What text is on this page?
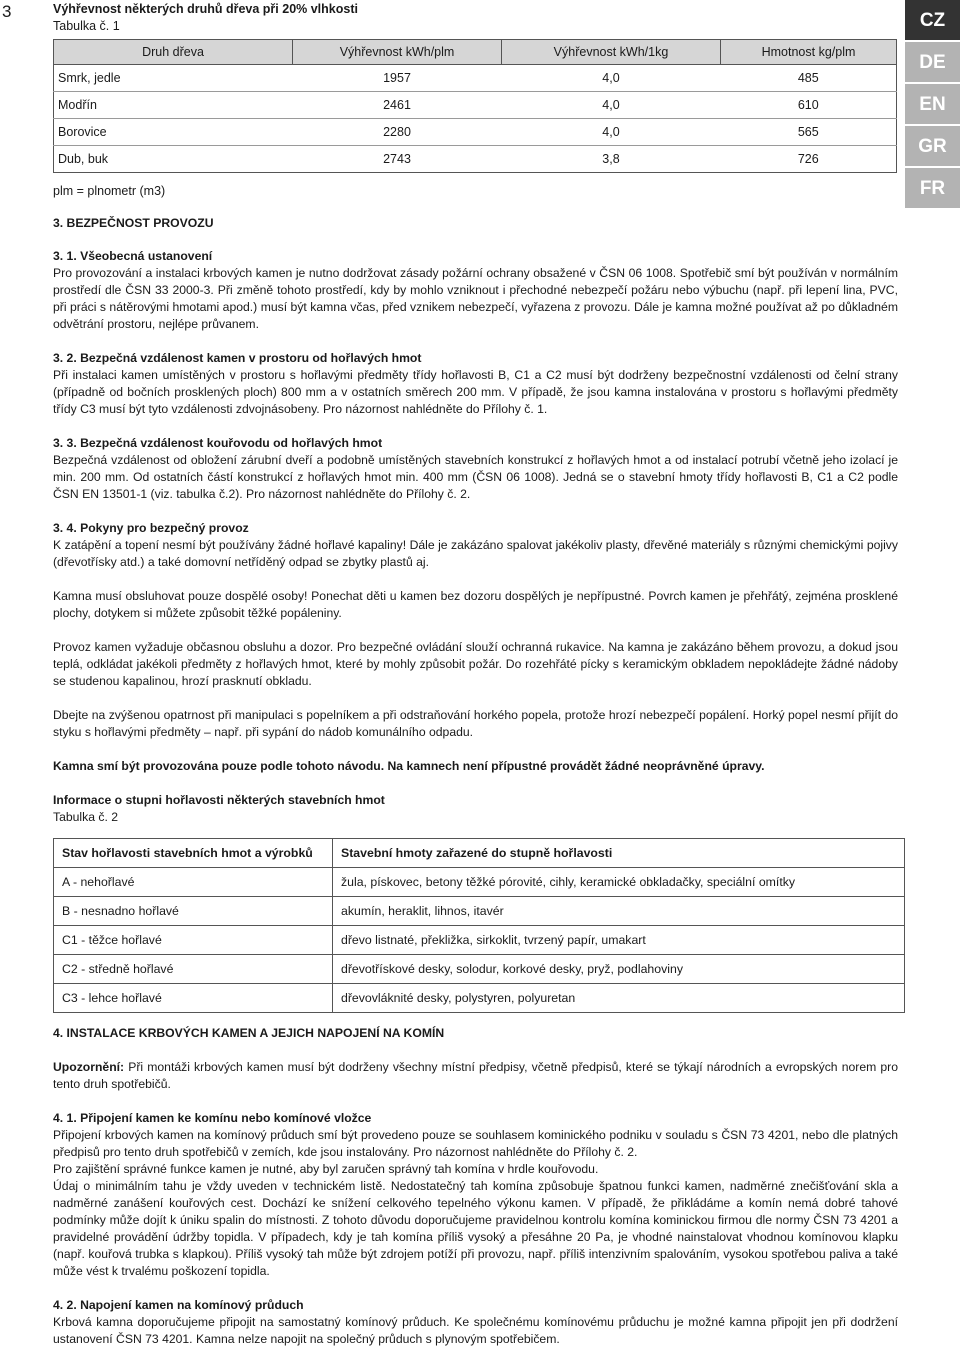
3	CZ
DE
EN
GR
FR
Výhřevnost některých druhů dřeva při 20% vlhkosti
Tabulka č. 1
Druh dřeva	Výhřevnost kWh/plm	Výhřevnost kWh/1kg	Hmotnost kg/plm
Smrk, jedle	1957	4,0	485
Modřín	2461	4,0	610
Borovice	2280	4,0	565
Dub, buk	2743	3,8	726
plm = plnometr (m3)
3. BEZPEČNOST PROVOZU
3. 1. Všeobecná ustanovení

Pro provozování a instalaci krbových kamen je nutno dodržovat zásady požární ochrany obsažené v ČSN 06 1008. Spotřebič smí být používán v normálním prostředí dle ČSN 33 2000-3. Při změně tohoto prostředí, kdy by mohlo vzniknout i přechodné nebezpečí požáru nebo výbuchu (např. při lepení lina, PVC, při práci s nátěrovými hmotami apod.) musí být kamna včas, před vznikem nebezpečí, vyřazena z provozu. Dále je kamna možné používat až po důkladném odvětrání prostoru, nejlépe průvanem.

3. 2. Bezpečná vzdálenost kamen v prostoru od hořlavých hmot

Při instalaci kamen umístěných v prostoru s hořlavými předměty třídy hořlavosti B, C1 a C2 musí být dodrženy bezpečnostní vzdálenosti od čelní strany (případně od bočních prosklených ploch) 800 mm a v ostatních směrech 200 mm. V případě, že jsou kamna instalována v prostoru s hořlavými předměty třídy C3 musí být tyto vzdálenosti zdvojnásobeny. Pro názornost nahlédněte do Přílohy č. 1.

3. 3. Bezpečná vzdálenost kouřovodu od hořlavých hmot

Bezpečná vzdálenost od obložení zárubní dveří a podobně umístěných stavebních konstrukcí z hořlavých hmot a od instalací potrubí včetně jeho izolací je min. 200 mm. Od ostatních částí konstrukcí z hořlavých hmot min. 400 mm (ČSN 06 1008). Jedná se o stavební hmoty třídy hořlavosti B, C1 a C2 podle ČSN EN 13501-1 (viz. tabulka č.2). Pro názornost nahlédněte do Přílohy č. 2.

3. 4. Pokyny pro bezpečný provoz

K zatápění a topení nesmí být používány žádné hořlavé kapaliny! Dále je zakázáno spalovat jakékoliv plasty, dřevěné materiály s různými chemickými pojivy (dřevotřísky atd.) a také domovní netříděný odpad se zbytky plastů aj.

Kamna musí obsluhovat pouze dospělé osoby! Ponechat děti u kamen bez dozoru dospělých je nepřípustné. Povrch kamen je přehřátý, zejména prosklené plochy, dotykem si můžete způsobit těžké popáleniny.

Provoz kamen vyžaduje občasnou obsluhu a dozor. Pro bezpečné ovládání slouží ochranná rukavice. Na kamna je zakázáno během provozu, a dokud jsou teplá, odkládat jakékoli předměty z hořlavých hmot, které by mohly způsobit požár. Do rozehřáté pícky s keramickým obkladem nepokládejte žádné nádoby se studenou kapalinou, hrozí prasknutí obkladu.

Dbejte na zvýšenou opatrnost při manipulaci s popelníkem a při odstraňování horkého popela, protože hrozí nebezpečí popálení. Horký popel nesmí přijít do styku s hořlavými předměty – např. při sypání do nádob komunálního odpadu.

Kamna smí být provozována pouze podle tohoto návodu. Na kamnech není přípustné provádět žádné neoprávněné úpravy.

Informace o stupni hořlavosti některých stavebních hmot
Tabulka č. 2
Stav hořlavosti stavebních hmot a výrobků	Stavební hmoty zařazené do stupně hořlavosti
A - nehořlavé	žula, pískovec, betony těžké pórovité, cihly, keramické obkladačky, speciální omítky
B - nesnadno hořlavé	akumín, heraklit, lihnos, itavér
C1 - těžce hořlavé	dřevo listnaté, překližka, sirkoklit, tvrzený papír, umakart
C2 - středně hořlavé	dřevotřískové desky, solodur, korkové desky, pryž, podlahoviny
C3 - lehce hořlavé	dřevovláknité desky, polystyren, polyuretan
4. INSTALACE KRBOVÝCH KAMEN A JEJICH NAPOJENÍ NA KOMÍN

Upozornění: Při montáži krbových kamen musí být dodrženy všechny místní předpisy, včetně předpisů, které se týkají národních a evropských norem pro tento druh spotřebičů.

4. 1. Připojení kamen ke komínu nebo komínové vložce

Připojení krbových kamen na komínový průduch smí být provedeno pouze se souhlasem kominického podniku v souladu s ČSN 73 4201, nebo dle platných předpisů pro tento druh spotřebičů v zemích, kde jsou instalovány. Pro názornost nahlédněte do Přílohy č. 2.

Pro zajištění správné funkce kamen je nutné, aby byl zaručen správný tah komína v hrdle kouřovodu.

Údaj o minimálním tahu je vždy uveden v technickém listě. Nedostatečný tah komína způsobuje špatnou funkci kamen, nadměrné znečišťování skla a nadměrné zanášení kouřových cest. Dochází ke snížení celkového tepelného výkonu kamen. V případě, že přikládáme a komín nemá dobré tahové podmínky může dojít k úniku spalin do místnosti. Z tohoto důvodu doporučujeme pravidelnou kontrolu komína kominickou firmou dle normy ČSN 73 4201 a pravidelné provádění údržby topidla. V případech, kdy je tah komína příliš vysoký a přesáhne 20 Pa, je vhodné nainstalovat vhodnou komínovou klapku (např. kouřová trubka s klapkou). Příliš vysoký tah může být zdrojem potíží při provozu, např. příliš intenzivním spalováním, vysokou spotřebou paliva a také může vést k trvalému poškození topidla.

4. 2. Napojení kamen na komínový průduch

Krbová kamna doporučujeme připojit na samostatný komínový průduch. Ke společnému komínovému průduchu je možné kamna připojit jen při dodržení ustanovení ČSN 73 4201. Kamna nelze napojit na společný průduch s plynovým spotřebičem.
